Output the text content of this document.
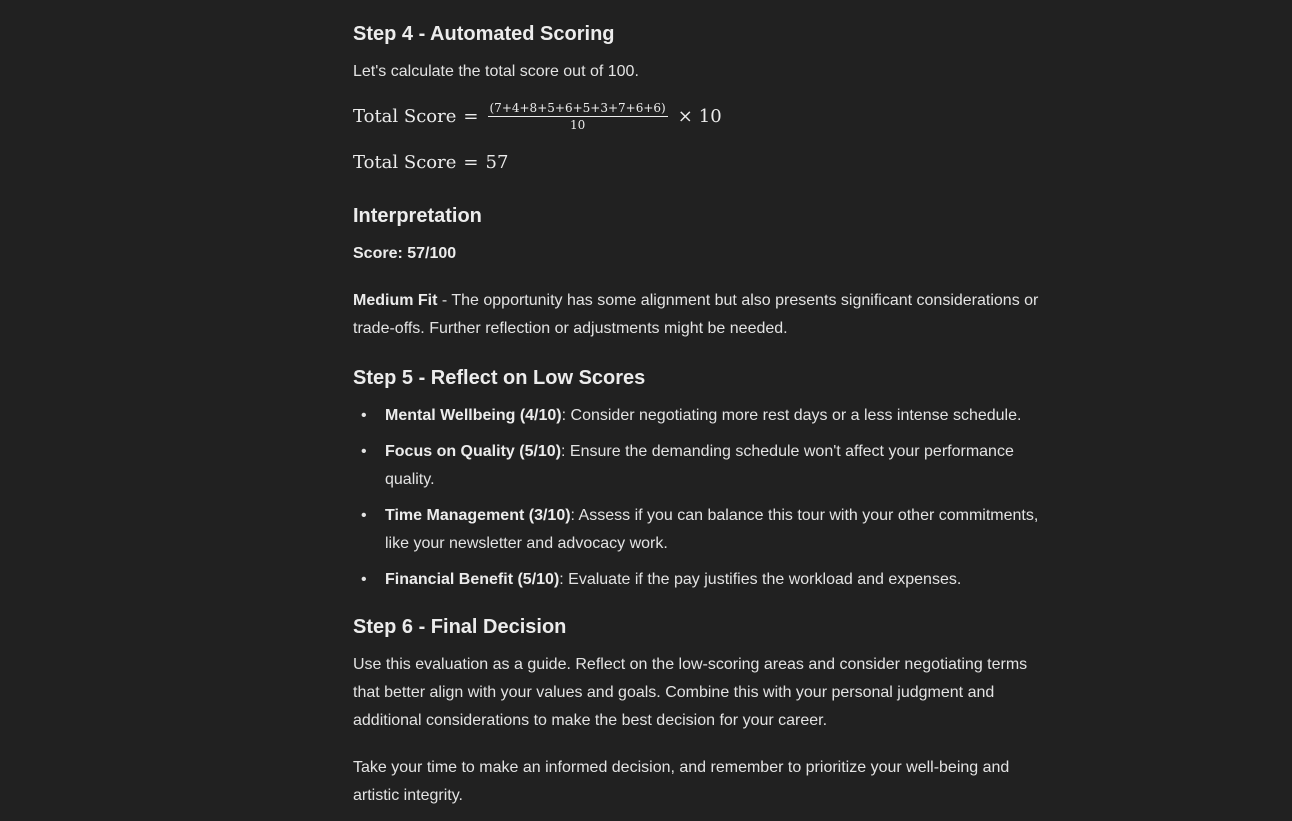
Step 4 - Automated Scoring

Let's calculate the total score out of 100.

Total Score = $\frac{(7+4+8+5+6+5+3+7+6+6)}{10} \times 10$
Total Score = 57
Interpretation

Score: 57/100

Medium Fit - The opportunity has some alignment but also presents significant considerations or trade-offs. Further reflection or adjustments might be needed.

Step 5 - Reflect on Low Scores
• Mental Wellbeing (4/10): Consider negotiating more rest days or a less intense schedule.
• Focus on Quality (5/10): Ensure the demanding schedule won't affect your performance quality.
• Time Management (3/10): Assess if you can balance this tour with your other commitments, like your newsletter and advocacy work.
• Financial Benefit (5/10): Evaluate if the pay justifies the workload and expenses.
Step 6 - Final Decision

Use this evaluation as a guide. Reflect on the low-scoring areas and consider negotiating terms that better align with your values and goals. Combine this with your personal judgment and additional considerations to make the best decision for your career.

Take your time to make an informed decision, and remember to prioritize your well-being and artistic integrity.
